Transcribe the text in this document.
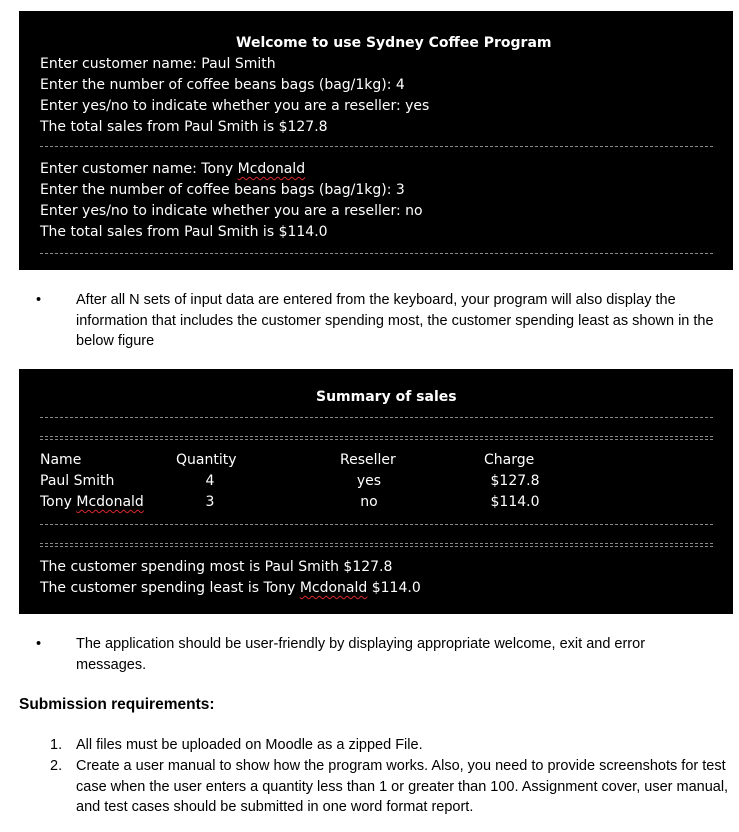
Welcome to use Sydney Coffee Program
Enter customer name: Paul Smith
Enter the number of coffee beans bags (bag/1kg): 4
Enter yes/no to indicate whether you are a reseller: yes
The total sales from Paul Smith is $127.8
Enter customer name: Tony Mcdonald
Enter the number of coffee beans bags (bag/1kg): 3
Enter yes/no to indicate whether you are a reseller: no
The total sales from Paul Smith is $114.0
• After all N sets of input data are entered from the keyboard, your program will also display the information that includes the customer spending most, the customer spending least as shown in the below figure
Summary of sales
Name	Quantity	Reseller	Charge
Paul Smith	4	yes	$127.8
Tony Mcdonald	3	no	$114.0
The customer spending most is Paul Smith $127.8
The customer spending least is Tony Mcdonald $114.0
• The application should be user-friendly by displaying appropriate welcome, exit and error messages.
Submission requirements:
1. All files must be uploaded on Moodle as a zipped File.
2. Create a user manual to show how the program works. Also, you need to provide screenshots for test case when the user enters a quantity less than 1 or greater than 100. Assignment cover, user manual, and test cases should be submitted in one word format report.
